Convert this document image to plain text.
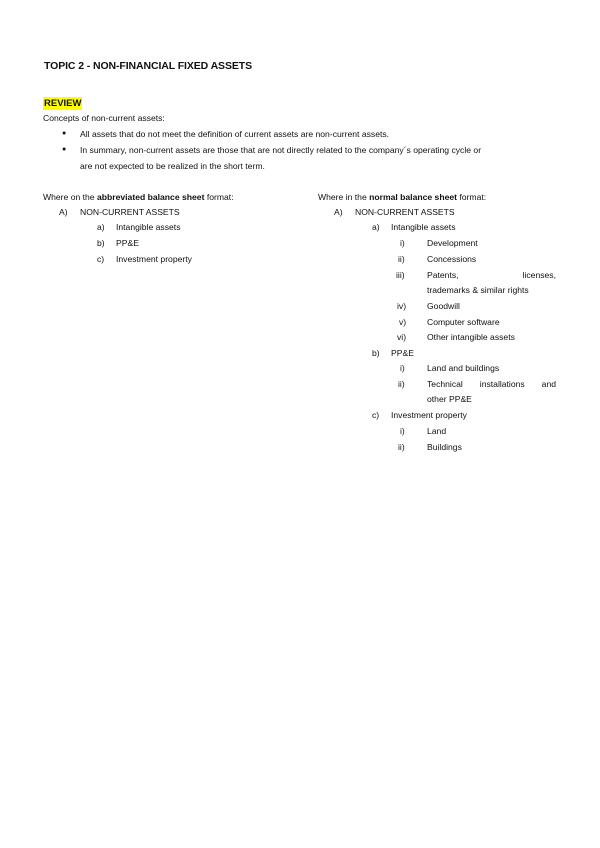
TOPIC 2 - NON-FINANCIAL FIXED ASSETS
REVIEW
Concepts of non-current assets:
● All assets that do not meet the definition of current assets are non-current assets.
● In summary, non-current assets are those that are not directly related to the company´s operating cycle or
are not expected to be realized in the short term.
Where on the abbreviated balance sheet format:
A) NON-CURRENT ASSETS
a) Intangible assets
b) PP&E
c) Investment property
Where in the normal balance sheet format:
A) NON-CURRENT ASSETS
a) Intangible assets
i)	Development
ii)	Concessions
iii)	Patents, licenses,
trademarks & similar rights
iv) Goodwill
v) Computer software
vi) Other intangible assets
b) PP&E
i)	Land and buildings
ii)	Technical installations and
other PP&E
c) Investment property
i)	Land
ii)	Buildings
